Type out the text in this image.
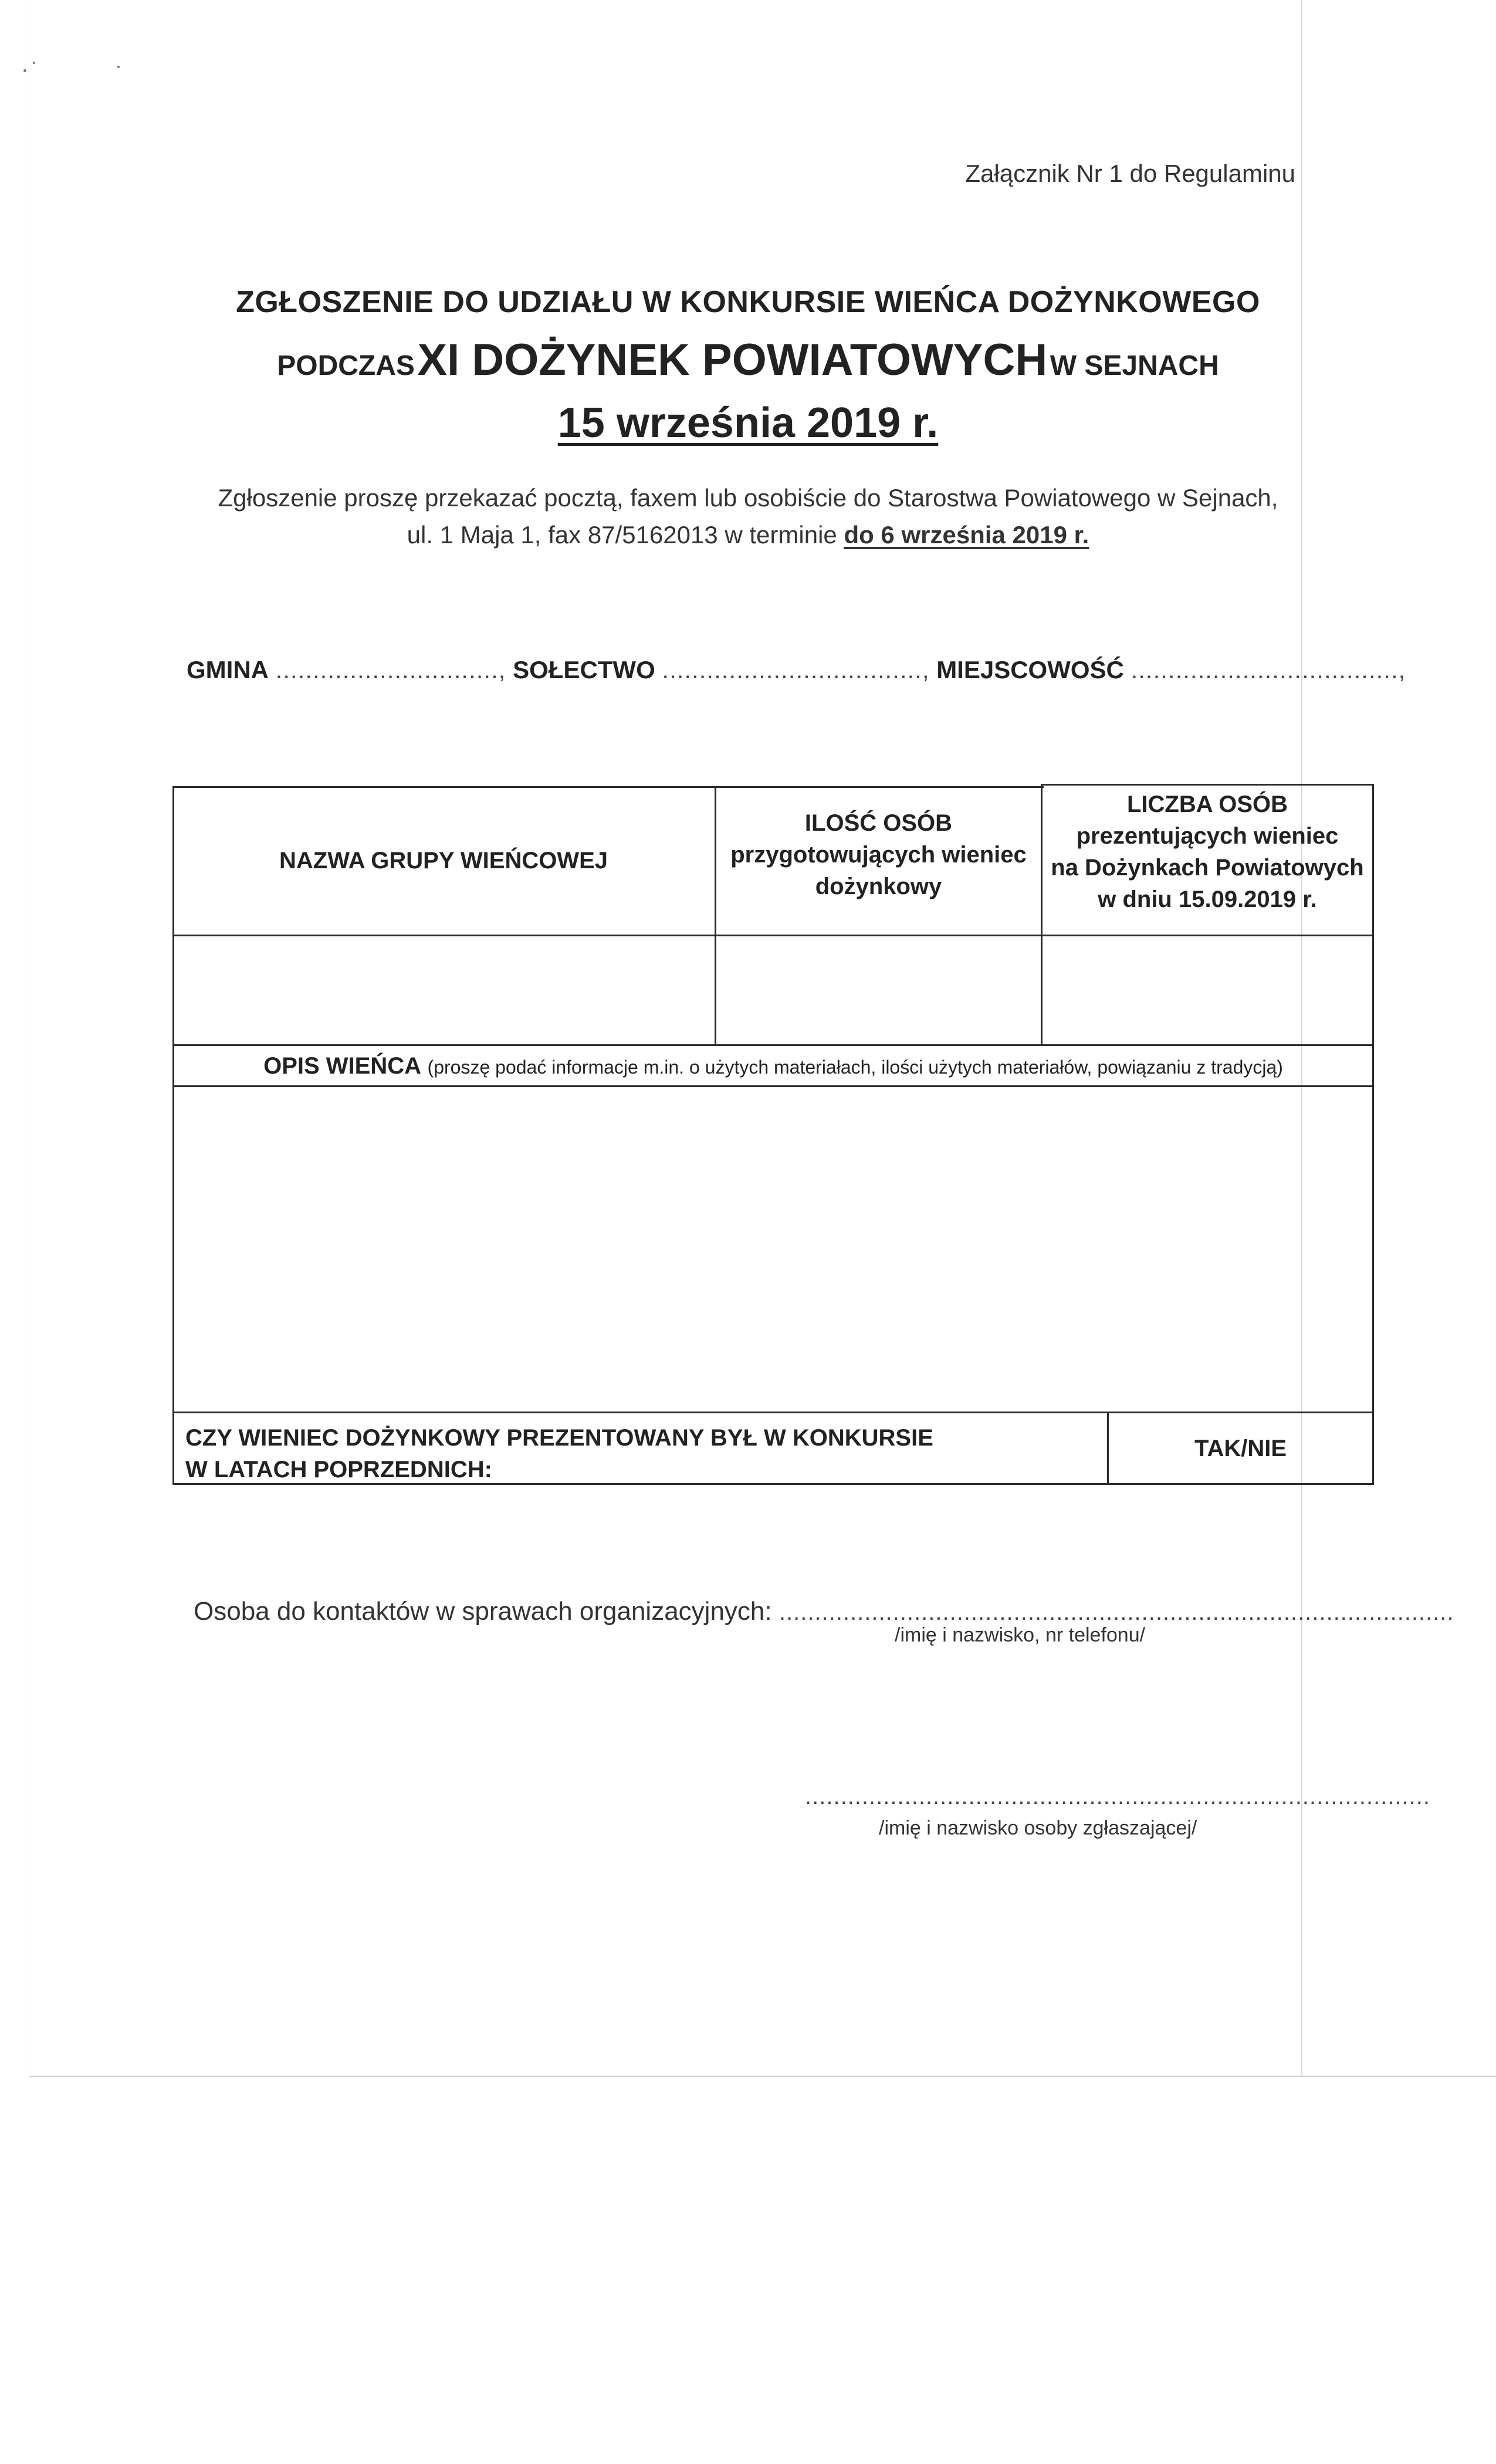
Załącznik Nr 1 do Regulaminu
ZGŁOSZENIE DO UDZIAŁU W KONKURSIE WIEŃCA DOŻYNKOWEGO
PODCZAS XI DOŻYNEK POWIATOWYCH W SEJNACH
15 września 2019 r.
Zgłoszenie proszę przekazać pocztą, faxem lub osobiście do Starostwa Powiatowego w Sejnach,
ul. 1 Maja 1, fax 87/5162013 w terminie do 6 września 2019 r.
GMINA .............................., SOŁECTWO ..................................., MIEJSCOWOŚĆ ....................................,
NAZWA GRUPY WIEŃCOWEJ
ILOŚĆ OSÓB
przygotowujących wieniec
dożynkowy
LICZBA OSÓB
prezentujących wieniec
na Dożynkach Powiatowych
w dniu 15.09.2019 r.
OPIS WIEŃCA (proszę podać informacje m.in. o użytych materiałach, ilości użytych materiałów, powiązaniu z tradycją)
CZY WIENIEC DOŻYNKOWY PREZENTOWANY BYŁ W KONKURSIE
W LATACH POPRZEDNICH:
TAK/NIE
Osoba do kontaktów w sprawach organizacyjnych: ...............................................................................................
/imię i nazwisko, nr telefonu/
........................................................................................
/imię i nazwisko osoby zgłaszającej/
